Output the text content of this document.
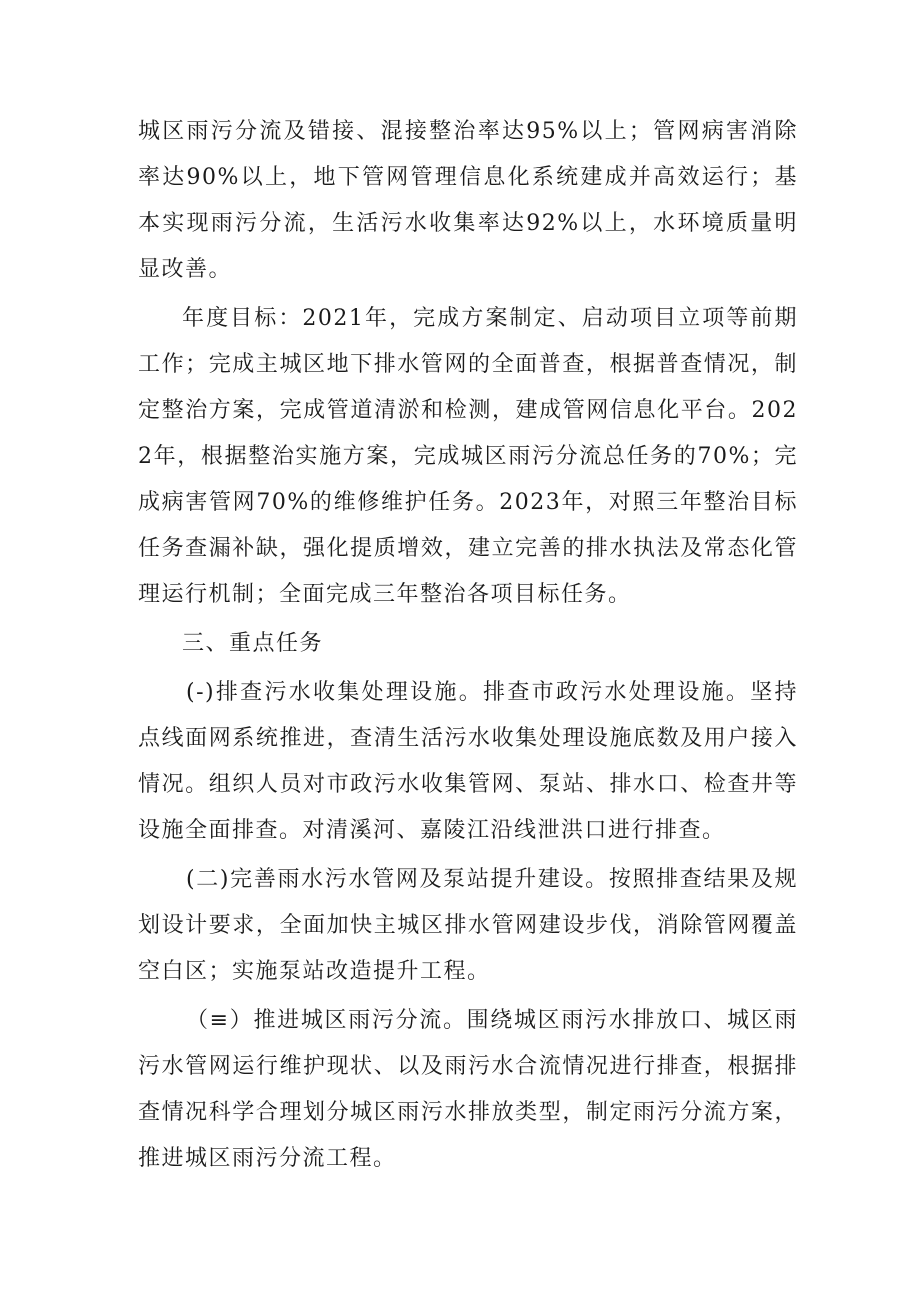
城区雨污分流及错接、混接整治率达95%以上；管网病害消除率达90%以上，地下管网管理信息化系统建成并高效运行；基本实现雨污分流，生活污水收集率达92%以上，水环境质量明显改善。

年度目标：2021年，完成方案制定、启动项目立项等前期工作；完成主城区地下排水管网的全面普查，根据普查情况，制定整治方案，完成管道清淤和检测，建成管网信息化平台。2022年，根据整治实施方案，完成城区雨污分流总任务的70%；完成病害管网70%的维修维护任务。2023年，对照三年整治目标任务查漏补缺，强化提质增效，建立完善的排水执法及常态化管理运行机制；全面完成三年整治各项目标任务。

三、重点任务

(-)排查污水收集处理设施。排查市政污水处理设施。坚持点线面网系统推进，查清生活污水收集处理设施底数及用户接入情况。组织人员对市政污水收集管网、泵站、排水口、检查井等设施全面排查。对清溪河、嘉陵江沿线泄洪口进行排查。

(二)完善雨水污水管网及泵站提升建设。按照排查结果及规划设计要求，全面加快主城区排水管网建设步伐，消除管网覆盖空白区；实施泵站改造提升工程。

（≡）推进城区雨污分流。围绕城区雨污水排放口、城区雨污水管网运行维护现状、以及雨污水合流情况进行排查，根据排查情况科学合理划分城区雨污水排放类型，制定雨污分流方案，推进城区雨污分流工程。
